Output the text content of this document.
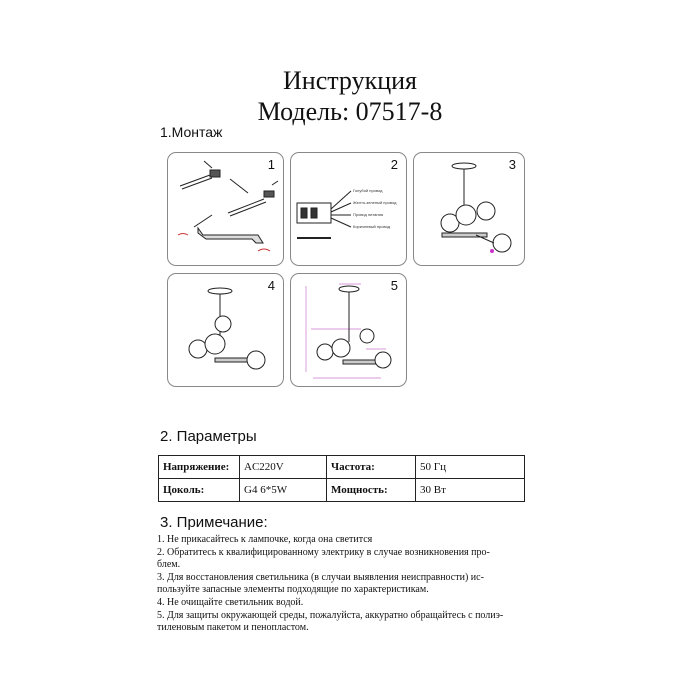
Инструкция
Модель: 07517-8
1.Монтаж
1	2
Голубой провод
Желто-зеленый провод
Провод питания
Коричневый провод
3
4	5
2. Параметры
Напряжение:	AC220V	Частота:	50 Гц
Цоколь:	G4 6*5W	Мощность:	30 Вт
3. Примечание:
1. Не прикасайтесь к лампочке, когда она светится
2. Обратитесь к квалифицированному электрику в случае возникновения про-
блем.
3. Для восстановления светильника (в случаи выявления неисправности) ис-
пользуйте запасные элементы подходящие по характеристикам.
4. Не очищайте светильник водой.
5. Для защиты окружающей среды, пожалуйста, аккуратно обращайтесь с полиэ-
тиленовым пакетом и пенопластом.
